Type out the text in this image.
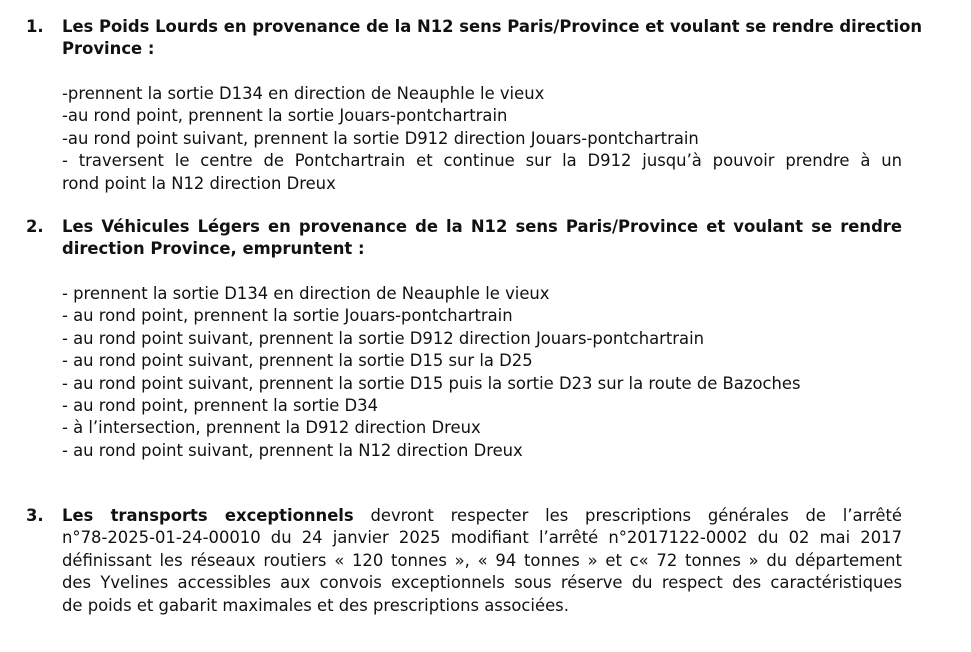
1. Les Poids Lourds en provenance de la N12 sens Paris/Province et voulant se rendre direction
Province :
-prennent la sortie D134 en direction de Neauphle le vieux
-au rond point, prennent la sortie Jouars-pontchartrain
-au rond point suivant, prennent la sortie D912 direction Jouars-pontchartrain
- traversent le centre de Pontchartrain et continue sur la D912 jusqu’à pouvoir prendre à un
rond point la N12 direction Dreux
2. Les Véhicules Légers en provenance de la N12 sens Paris/Province et voulant se rendre
direction Province, empruntent :
- prennent la sortie D134 en direction de Neauphle le vieux
- au rond point, prennent la sortie Jouars-pontchartrain
- au rond point suivant, prennent la sortie D912 direction Jouars-pontchartrain
- au rond point suivant, prennent la sortie D15 sur la D25
- au rond point suivant, prennent la sortie D15 puis la sortie D23 sur la route de Bazoches
- au rond point, prennent la sortie D34
- à l’intersection, prennent la D912 direction Dreux
- au rond point suivant, prennent la N12 direction Dreux
3. Les transports exceptionnels devront respecter les prescriptions générales de l’arrêté
n°78-2025-01-24-00010 du 24 janvier 2025 modifiant l’arrêté n°2017122-0002 du 02 mai 2017
définissant les réseaux routiers « 120 tonnes », « 94 tonnes » et c« 72 tonnes » du département
des Yvelines accessibles aux convois exceptionnels sous réserve du respect des caractéristiques
de poids et gabarit maximales et des prescriptions associées.
